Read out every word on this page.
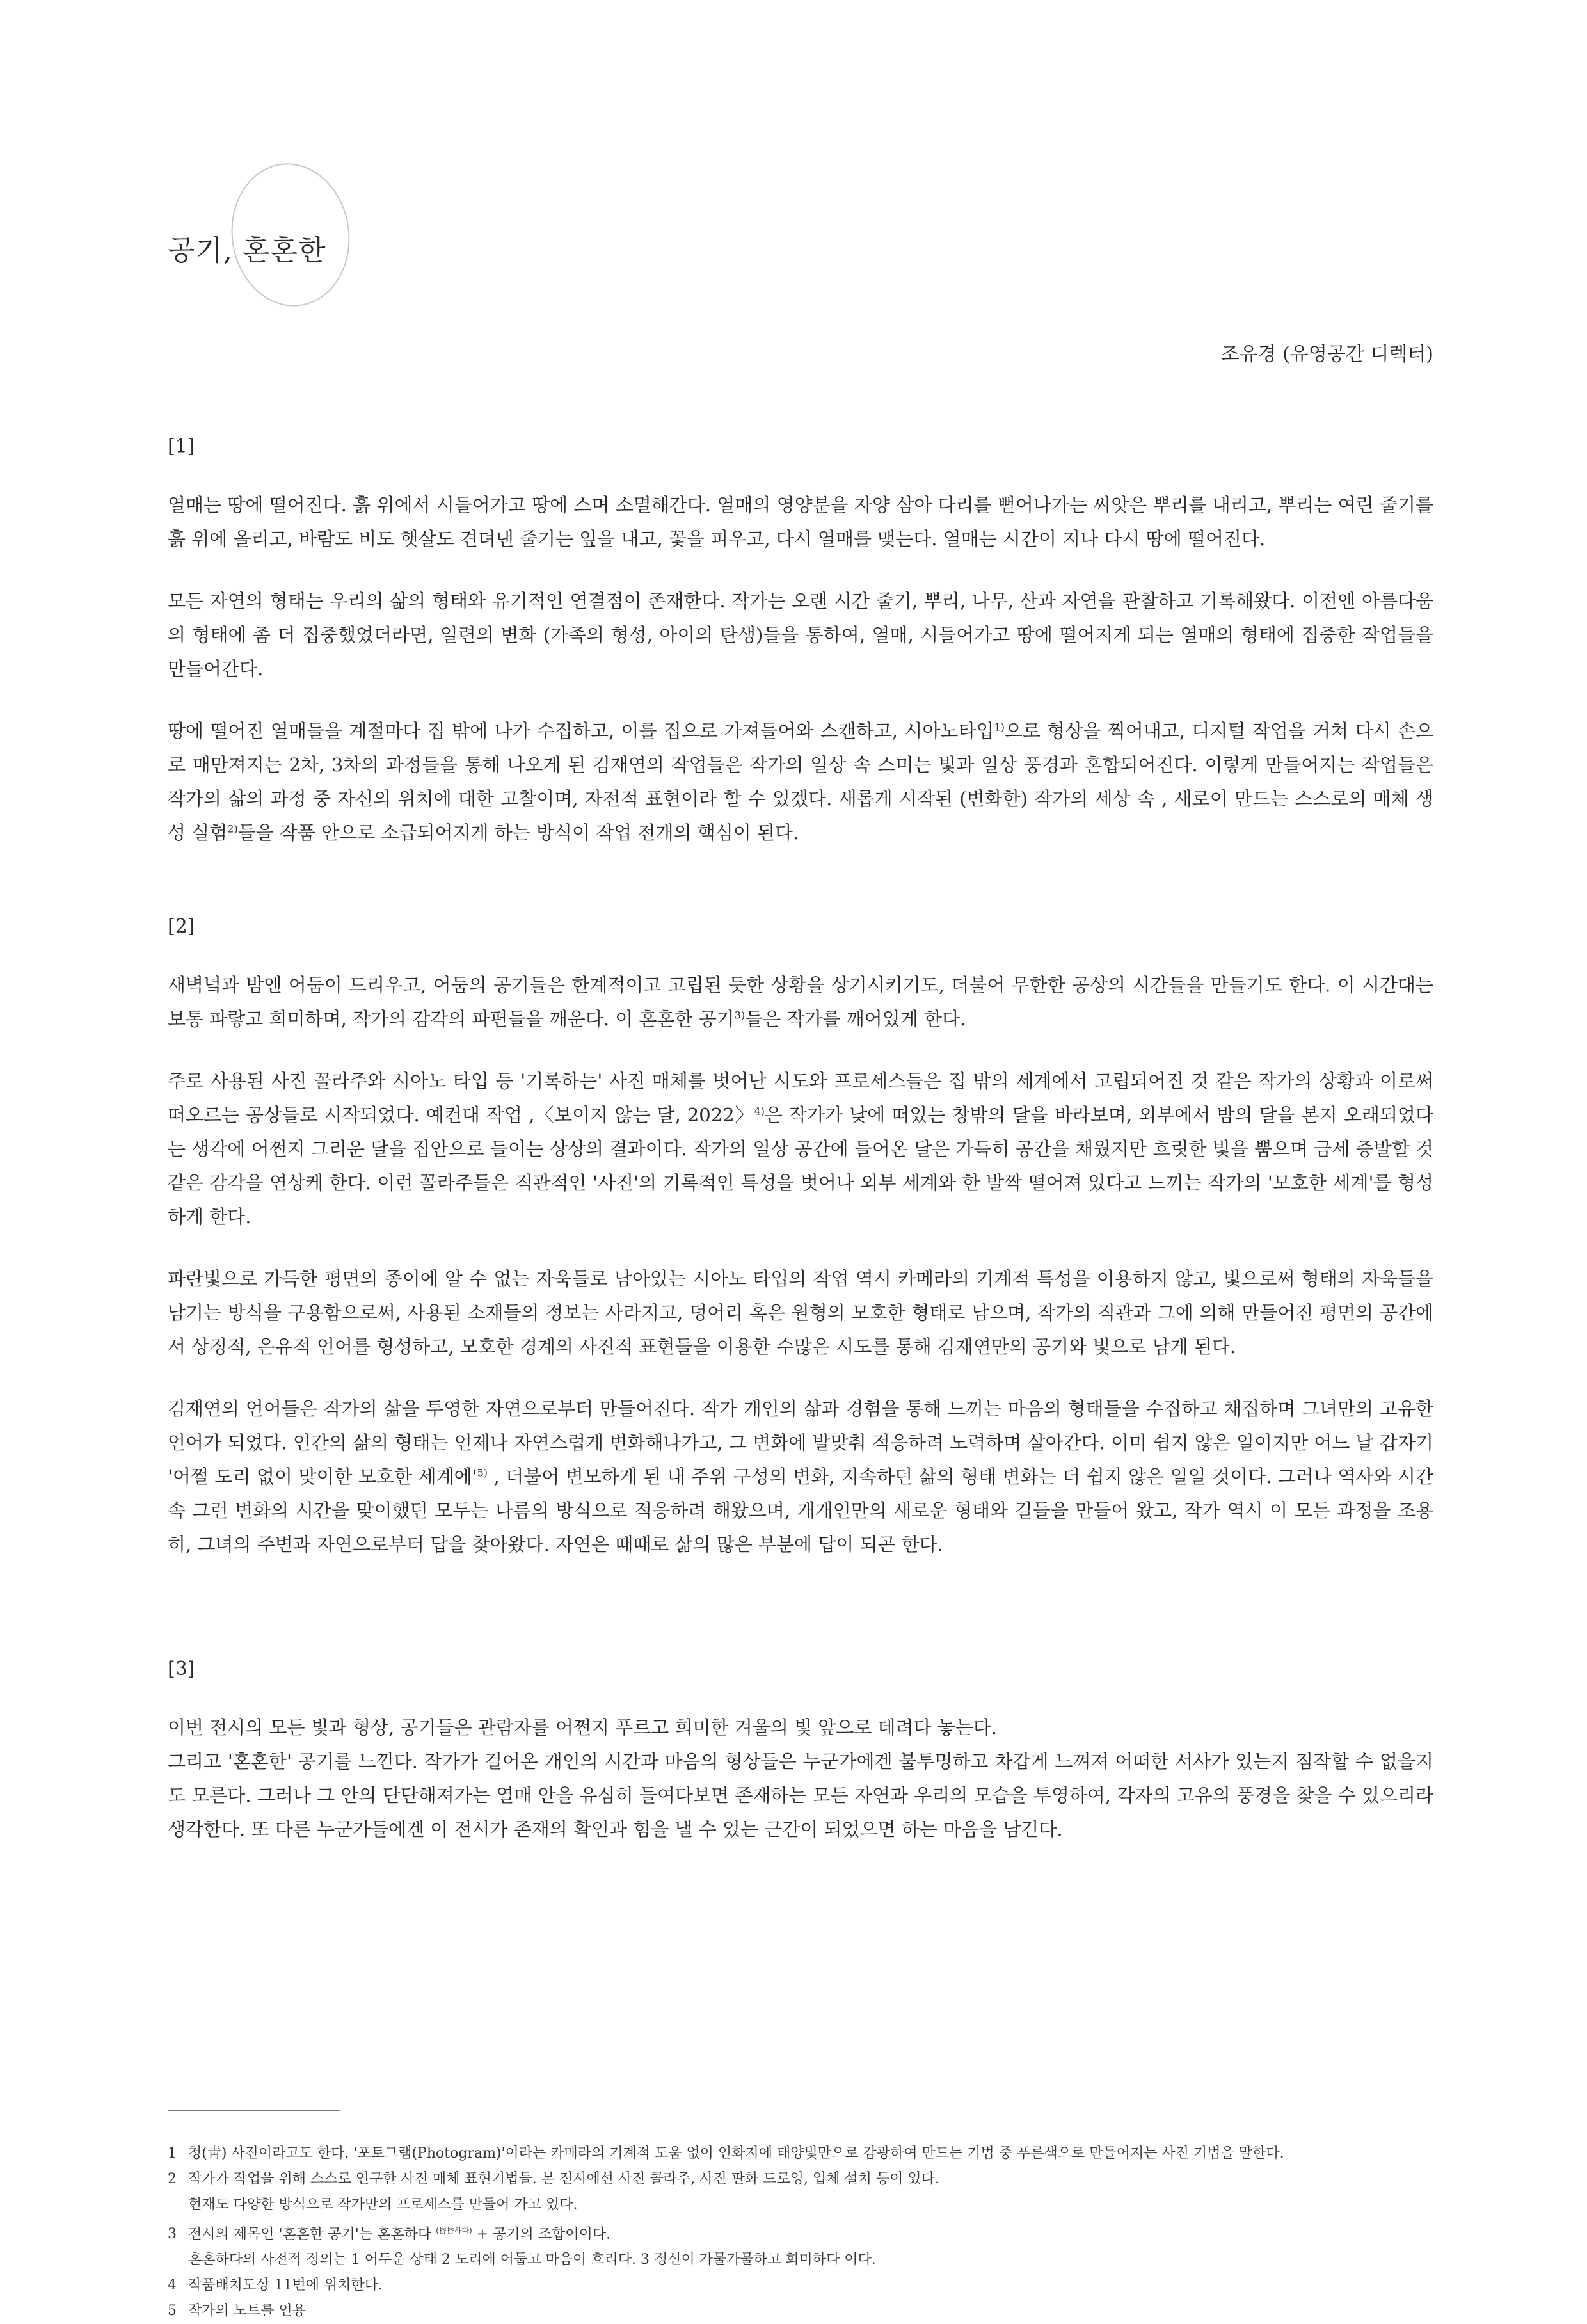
공기, 혼혼한

조유경 (유영공간 디렉터)

[1]

열매는 땅에 떨어진다. 흙 위에서 시들어가고 땅에 스며 소멸해간다. 열매의 영양분을 자양 삼아 다리를 뻗어나가는 씨앗은 뿌리를 내리고, 뿌리는 여린 줄기를 흙 위에 올리고, 바람도 비도 햇살도 견뎌낸 줄기는 잎을 내고, 꽃을 피우고, 다시 열매를 맺는다. 열매는 시간이 지나 다시 땅에 떨어진다.

모든 자연의 형태는 우리의 삶의 형태와 유기적인 연결점이 존재한다. 작가는 오랜 시간 줄기, 뿌리, 나무, 산과 자연을 관찰하고 기록해왔다. 이전엔 아름다움의 형태에 좀 더 집중했었더라면, 일련의 변화 (가족의 형성, 아이의 탄생)들을 통하여, 열매, 시들어가고 땅에 떨어지게 되는 열매의 형태에 집중한 작업들을 만들어간다.

땅에 떨어진 열매들을 계절마다 집 밖에 나가 수집하고, 이를 집으로 가져들어와 스캔하고, 시아노타입$^{1)}$으로 형상을 찍어내고, 디지털 작업을 거쳐 다시 손으로 매만져지는 2차, 3차의 과정들을 통해 나오게 된 김재연의 작업들은 작가의 일상 속 스미는 빛과 일상 풍경과 혼합되어진다. 이렇게 만들어지는 작업들은 작가의 삶의 과정 중 자신의 위치에 대한 고찰이며, 자전적 표현이라 할 수 있겠다. 새롭게 시작된 (변화한) 작가의 세상 속 , 새로이 만드는 스스로의 매체 생성 실험$^{2)}$들을 작품 안으로 소급되어지게 하는 방식이 작업 전개의 핵심이 된다.

[2]

새벽녘과 밤엔 어둠이 드리우고, 어둠의 공기들은 한계적이고 고립된 듯한 상황을 상기시키기도, 더불어 무한한 공상의 시간들을 만들기도 한다. 이 시간대는 보통 파랗고 희미하며, 작가의 감각의 파편들을 깨운다. 이 혼혼한 공기$^{3)}$들은 작가를 깨어있게 한다.

주로 사용된 사진 꼴라주와 시아노 타입 등 '기록하는' 사진 매체를 벗어난 시도와 프로세스들은 집 밖의 세계에서 고립되어진 것 같은 작가의 상황과 이로써 떠오르는 공상들로 시작되었다. 예컨대 작업 ,〈보이지 않는 달, 2022〉$^{4)}$은 작가가 낮에 떠있는 창밖의 달을 바라보며, 외부에서 밤의 달을 본지 오래되었다는 생각에 어쩐지 그리운 달을 집안으로 들이는 상상의 결과이다. 작가의 일상 공간에 들어온 달은 가득히 공간을 채웠지만 흐릿한 빛을 뿜으며 금세 증발할 것 같은 감각을 연상케 한다. 이런 꼴라주들은 직관적인 '사진'의 기록적인 특성을 벗어나 외부 세계와 한 발짝 떨어져 있다고 느끼는 작가의 '모호한 세계'를 형성하게 한다.

파란빛으로 가득한 평면의 종이에 알 수 없는 자욱들로 남아있는 시아노 타입의 작업 역시 카메라의 기계적 특성을 이용하지 않고, 빛으로써 형태의 자욱들을 남기는 방식을 구용함으로써, 사용된 소재들의 정보는 사라지고, 덩어리 혹은 원형의 모호한 형태로 남으며, 작가의 직관과 그에 의해 만들어진 평면의 공간에서 상징적, 은유적 언어를 형성하고, 모호한 경계의 사진적 표현들을 이용한 수많은 시도를 통해 김재연만의 공기와 빛으로 남게 된다.

김재연의 언어들은 작가의 삶을 투영한 자연으로부터 만들어진다. 작가 개인의 삶과 경험을 통해 느끼는 마음의 형태들을 수집하고 채집하며 그녀만의 고유한 언어가 되었다. 인간의 삶의 형태는 언제나 자연스럽게 변화해나가고, 그 변화에 발맞춰 적응하려 노력하며 살아간다. 이미 쉽지 않은 일이지만 어느 날 갑자기 '어쩔 도리 없이 맞이한 모호한 세계에'$^{5)}$ , 더불어 변모하게 된 내 주위 구성의 변화, 지속하던 삶의 형태 변화는 더 쉽지 않은 일일 것이다. 그러나 역사와 시간 속 그런 변화의 시간을 맞이했던 모두는 나름의 방식으로 적응하려 해왔으며, 개개인만의 새로운 형태와 길들을 만들어 왔고, 작가 역시 이 모든 과정을 조용히, 그녀의 주변과 자연으로부터 답을 찾아왔다. 자연은 때때로 삶의 많은 부분에 답이 되곤 한다.

[3]

이번 전시의 모든 빛과 형상, 공기들은 관람자를 어쩐지 푸르고 희미한 겨울의 빛 앞으로 데려다 놓는다.

그리고 '혼혼한' 공기를 느낀다. 작가가 걸어온 개인의 시간과 마음의 형상들은 누군가에겐 불투명하고 차갑게 느껴져 어떠한 서사가 있는지 짐작할 수 없을지도 모른다. 그러나 그 안의 단단해져가는 열매 안을 유심히 들여다보면 존재하는 모든 자연과 우리의 모습을 투영하여, 각자의 고유의 풍경을 찾을 수 있으리라 생각한다. 또 다른 누군가들에겐 이 전시가 존재의 확인과 힘을 낼 수 있는 근간이 되었으면 하는 마음을 남긴다.

1 청(靑) 사진이라고도 한다. '포토그램(Photogram)'이라는 카메라의 기계적 도움 없이 인화지에 태양빛만으로 감광하여 만드는 기법 중 푸른색으로 만들어지는 사진 기법을 말한다.

2 작가가 작업을 위해 스스로 연구한 사진 매체 표현기법들. 본 전시에선 사진 콜라주, 사진 판화 드로잉, 입체 설치 등이 있다.

현재도 다양한 방식으로 작가만의 프로세스를 만들어 가고 있다.

3 전시의 제목인 '혼혼한 공기'는 혼혼하다 $^{(昏昏하다)}$ + 공기의 조합어이다.

혼혼하다의 사전적 정의는 1 어두운 상태 2 도리에 어둡고 마음이 흐리다. 3 정신이 가물가물하고 희미하다 이다.

4 작품배치도상 11번에 위치한다.

5 작가의 노트를 인용
